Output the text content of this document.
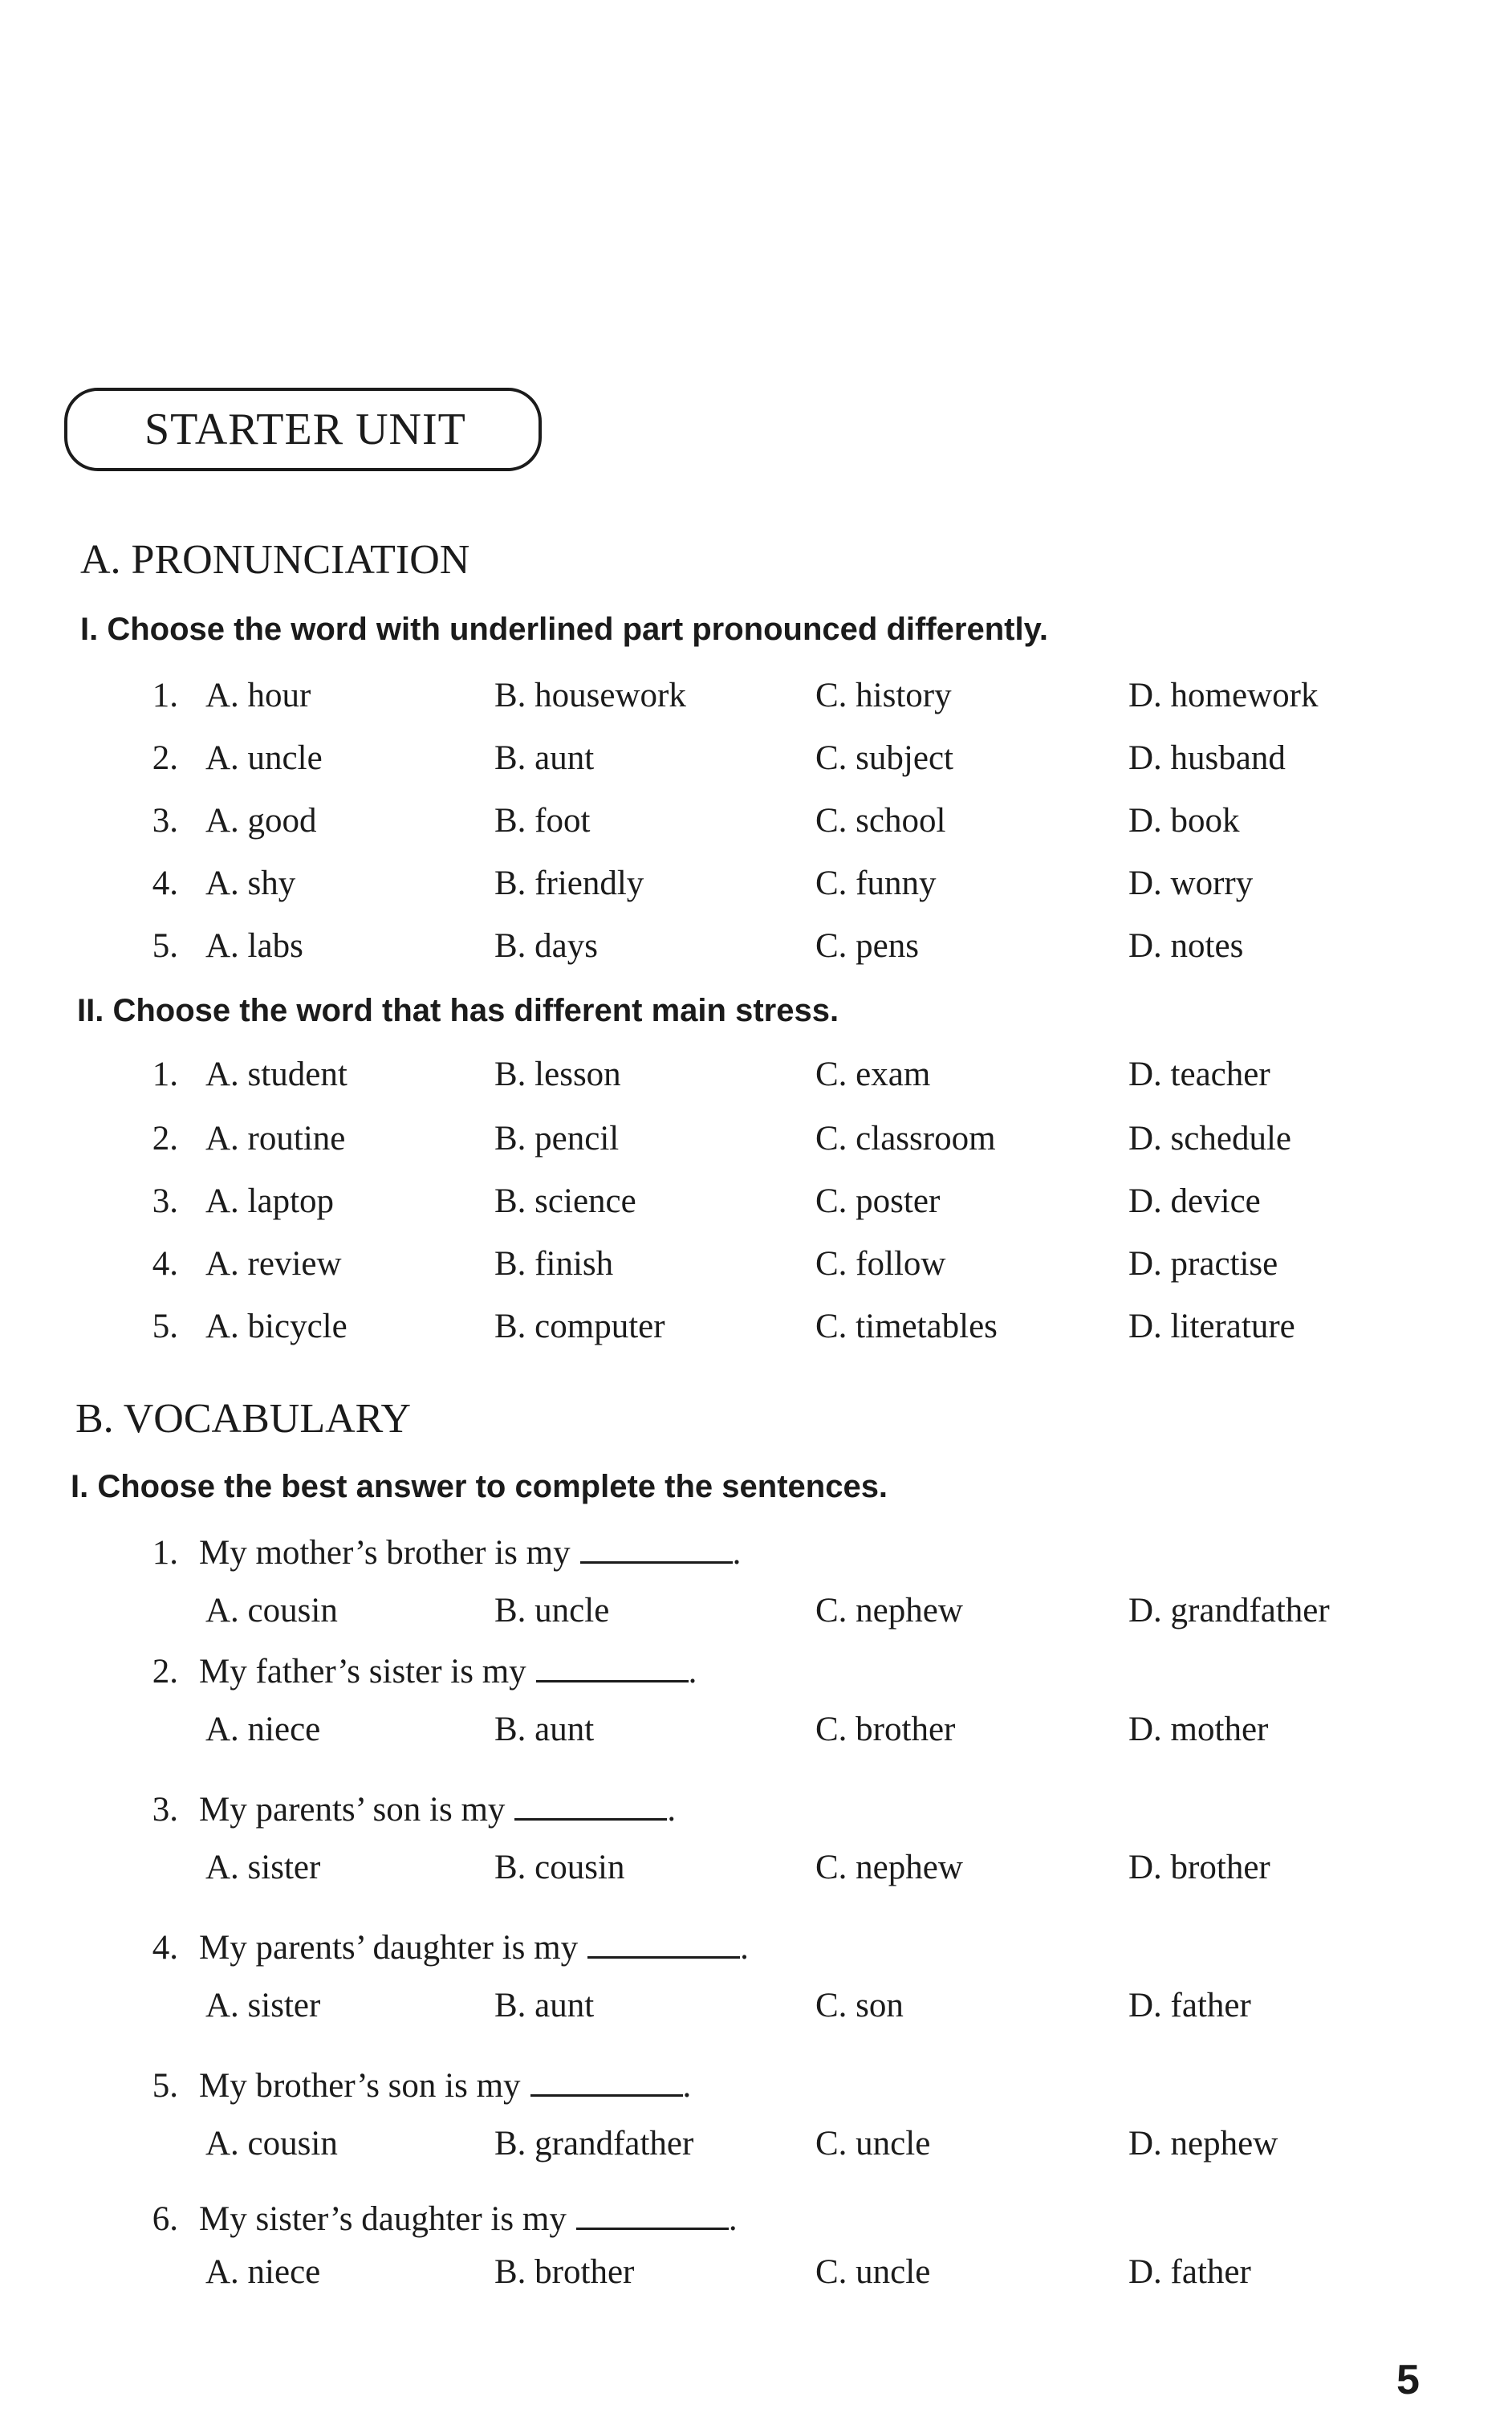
STARTER UNIT
A. PRONUNCIATION
I. Choose the word with underlined part pronounced differently.
1. A. hour	B. housework	C. history	D. homework
2. A. uncle	B. aunt	C. subject	D. husband
3. A. good	B. foot	C. school	D. book
4. A. shy	B. friendly	C. funny	D. worry
5. A. labs	B. days	C. pens	D. notes
II. Choose the word that has different main stress.
1. A. student	B. lesson	C. exam	D. teacher
2. A. routine	B. pencil	C. classroom	D. schedule
3. A. laptop	B. science	C. poster	D. device
4. A. review	B. finish	C. follow	D. practise
5. A. bicycle	B. computer	C. timetables	D. literature
B. VOCABULARY
I. Choose the best answer to complete the sentences.
1. My mother’s brother is my	.
A. cousin	B. uncle	C. nephew	D. grandfather
2. My father’s sister is my	.
A. niece	B. aunt	C. brother	D. mother
3. My parents’ son is my	.
A. sister	B. cousin	C. nephew	D. brother
4. My parents’ daughter is my	.
A. sister	B. aunt	C. son	D. father
5. My brother’s son is my	.
A. cousin	B. grandfather	C. uncle	D. nephew
6. My sister’s daughter is my	.
A. niece	B. brother	C. uncle	D. father
5
